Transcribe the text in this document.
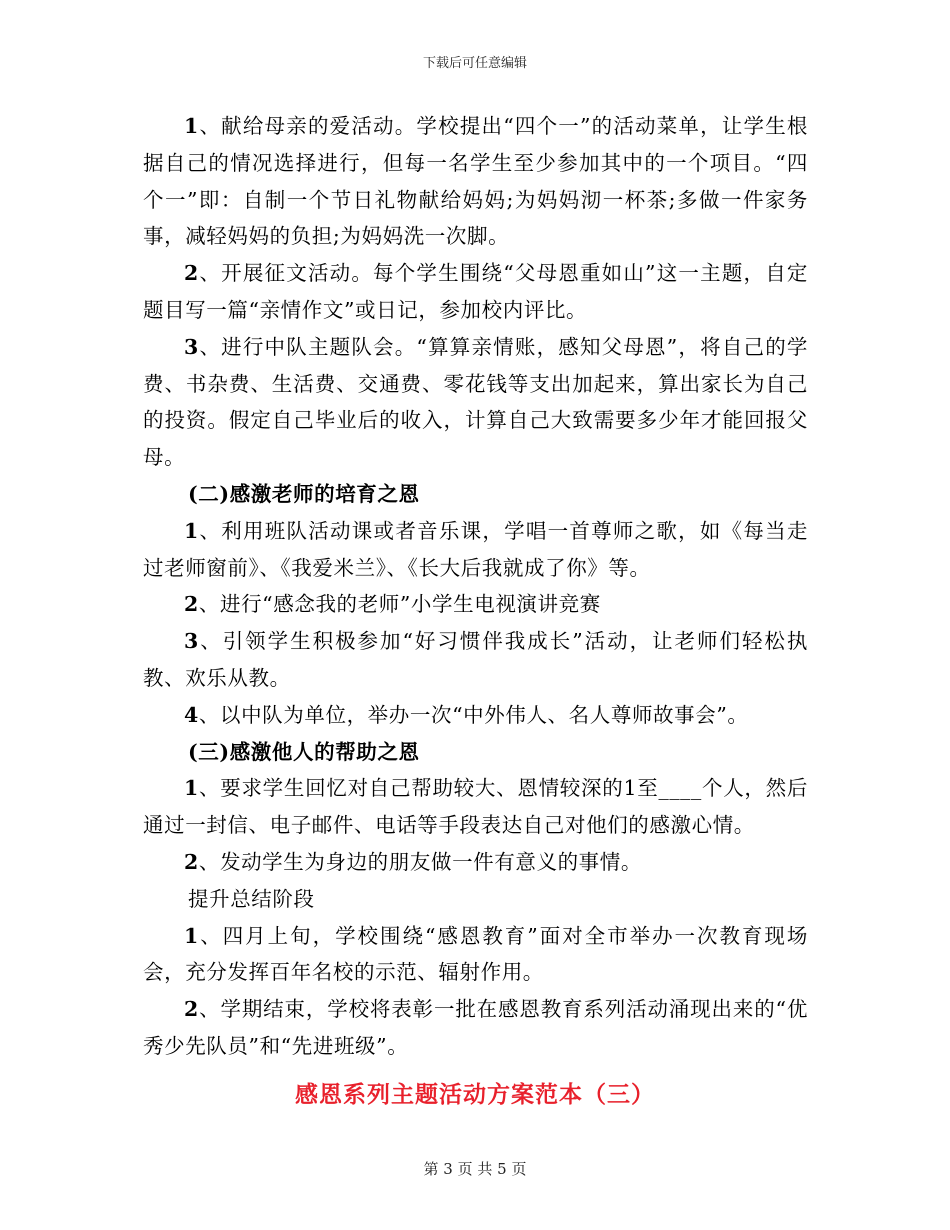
下载后可任意编辑

1、献给母亲的爱活动。学校提出“四个一”的活动菜单，让学生根据自己的情况选择进行，但每一名学生至少参加其中的一个项目。“四个一”即：自制一个节日礼物献给妈妈;为妈妈沏一杯茶;多做一件家务事，减轻妈妈的负担;为妈妈洗一次脚。

2、开展征文活动。每个学生围绕“父母恩重如山”这一主题，自定题目写一篇“亲情作文”或日记，参加校内评比。

3、进行中队主题队会。“算算亲情账，感知父母恩”，将自己的学费、书杂费、生活费、交通费、零花钱等支出加起来，算出家长为自己的投资。假定自己毕业后的收入，计算自己大致需要多少年才能回报父母。

(二)感激老师的培育之恩

1、利用班队活动课或者音乐课，学唱一首尊师之歌，如《每当走过老师窗前》、《我爱米兰》、《长大后我就成了你》等。

2、进行“感念我的老师”小学生电视演讲竞赛

3、引领学生积极参加“好习惯伴我成长”活动，让老师们轻松执教、欢乐从教。

4、以中队为单位，举办一次“中外伟人、名人尊师故事会”。

(三)感激他人的帮助之恩

1、要求学生回忆对自己帮助较大、恩情较深的1至____个人，然后通过一封信、电子邮件、电话等手段表达自己对他们的感激心情。

2、发动学生为身边的朋友做一件有意义的事情。

提升总结阶段

1、四月上旬，学校围绕“感恩教育”面对全市举办一次教育现场会，充分发挥百年名校的示范、辐射作用。

2、学期结束，学校将表彰一批在感恩教育系列活动涌现出来的“优秀少先队员”和“先进班级”。

感恩系列主题活动方案范本（三）
第 3 页 共 5 页
